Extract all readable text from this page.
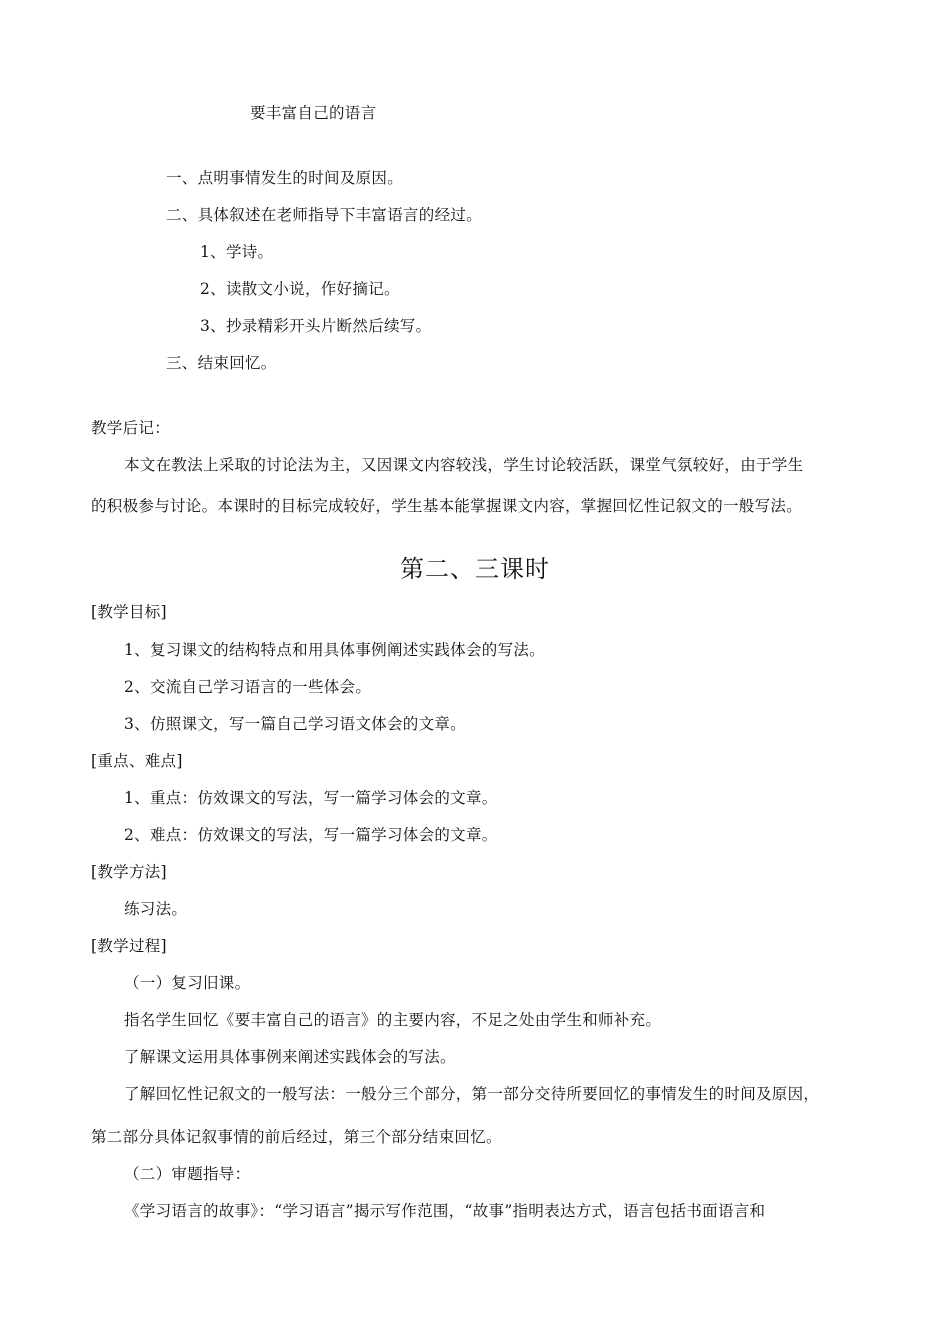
要丰富自己的语言
一、点明事情发生的时间及原因。
二、具体叙述在老师指导下丰富语言的经过。
1、学诗。
2、读散文小说，作好摘记。
3、抄录精彩开头片断然后续写。
三、结束回忆。
教学后记：
本文在教法上采取的讨论法为主，又因课文内容较浅，学生讨论较活跃，课堂气氛较好，由于学生
的积极参与讨论。本课时的目标完成较好，学生基本能掌握课文内容，掌握回忆性记叙文的一般写法。
第二、三课时
[教学目标]
1、复习课文的结构特点和用具体事例阐述实践体会的写法。
2、交流自己学习语言的一些体会。
3、仿照课文，写一篇自己学习语文体会的文章。
[重点、难点]
1、重点：仿效课文的写法，写一篇学习体会的文章。
2、难点：仿效课文的写法，写一篇学习体会的文章。
[教学方法]
练习法。
[教学过程]
（一）复习旧课。
指名学生回忆《要丰富自己的语言》的主要内容，不足之处由学生和师补充。
了解课文运用具体事例来阐述实践体会的写法。
了解回忆性记叙文的一般写法：一般分三个部分，第一部分交待所要回忆的事情发生的时间及原因，
第二部分具体记叙事情的前后经过，第三个部分结束回忆。
（二）审题指导：
《学习语言的故事》：“学习语言”揭示写作范围，“故事”指明表达方式，语言包括书面语言和
